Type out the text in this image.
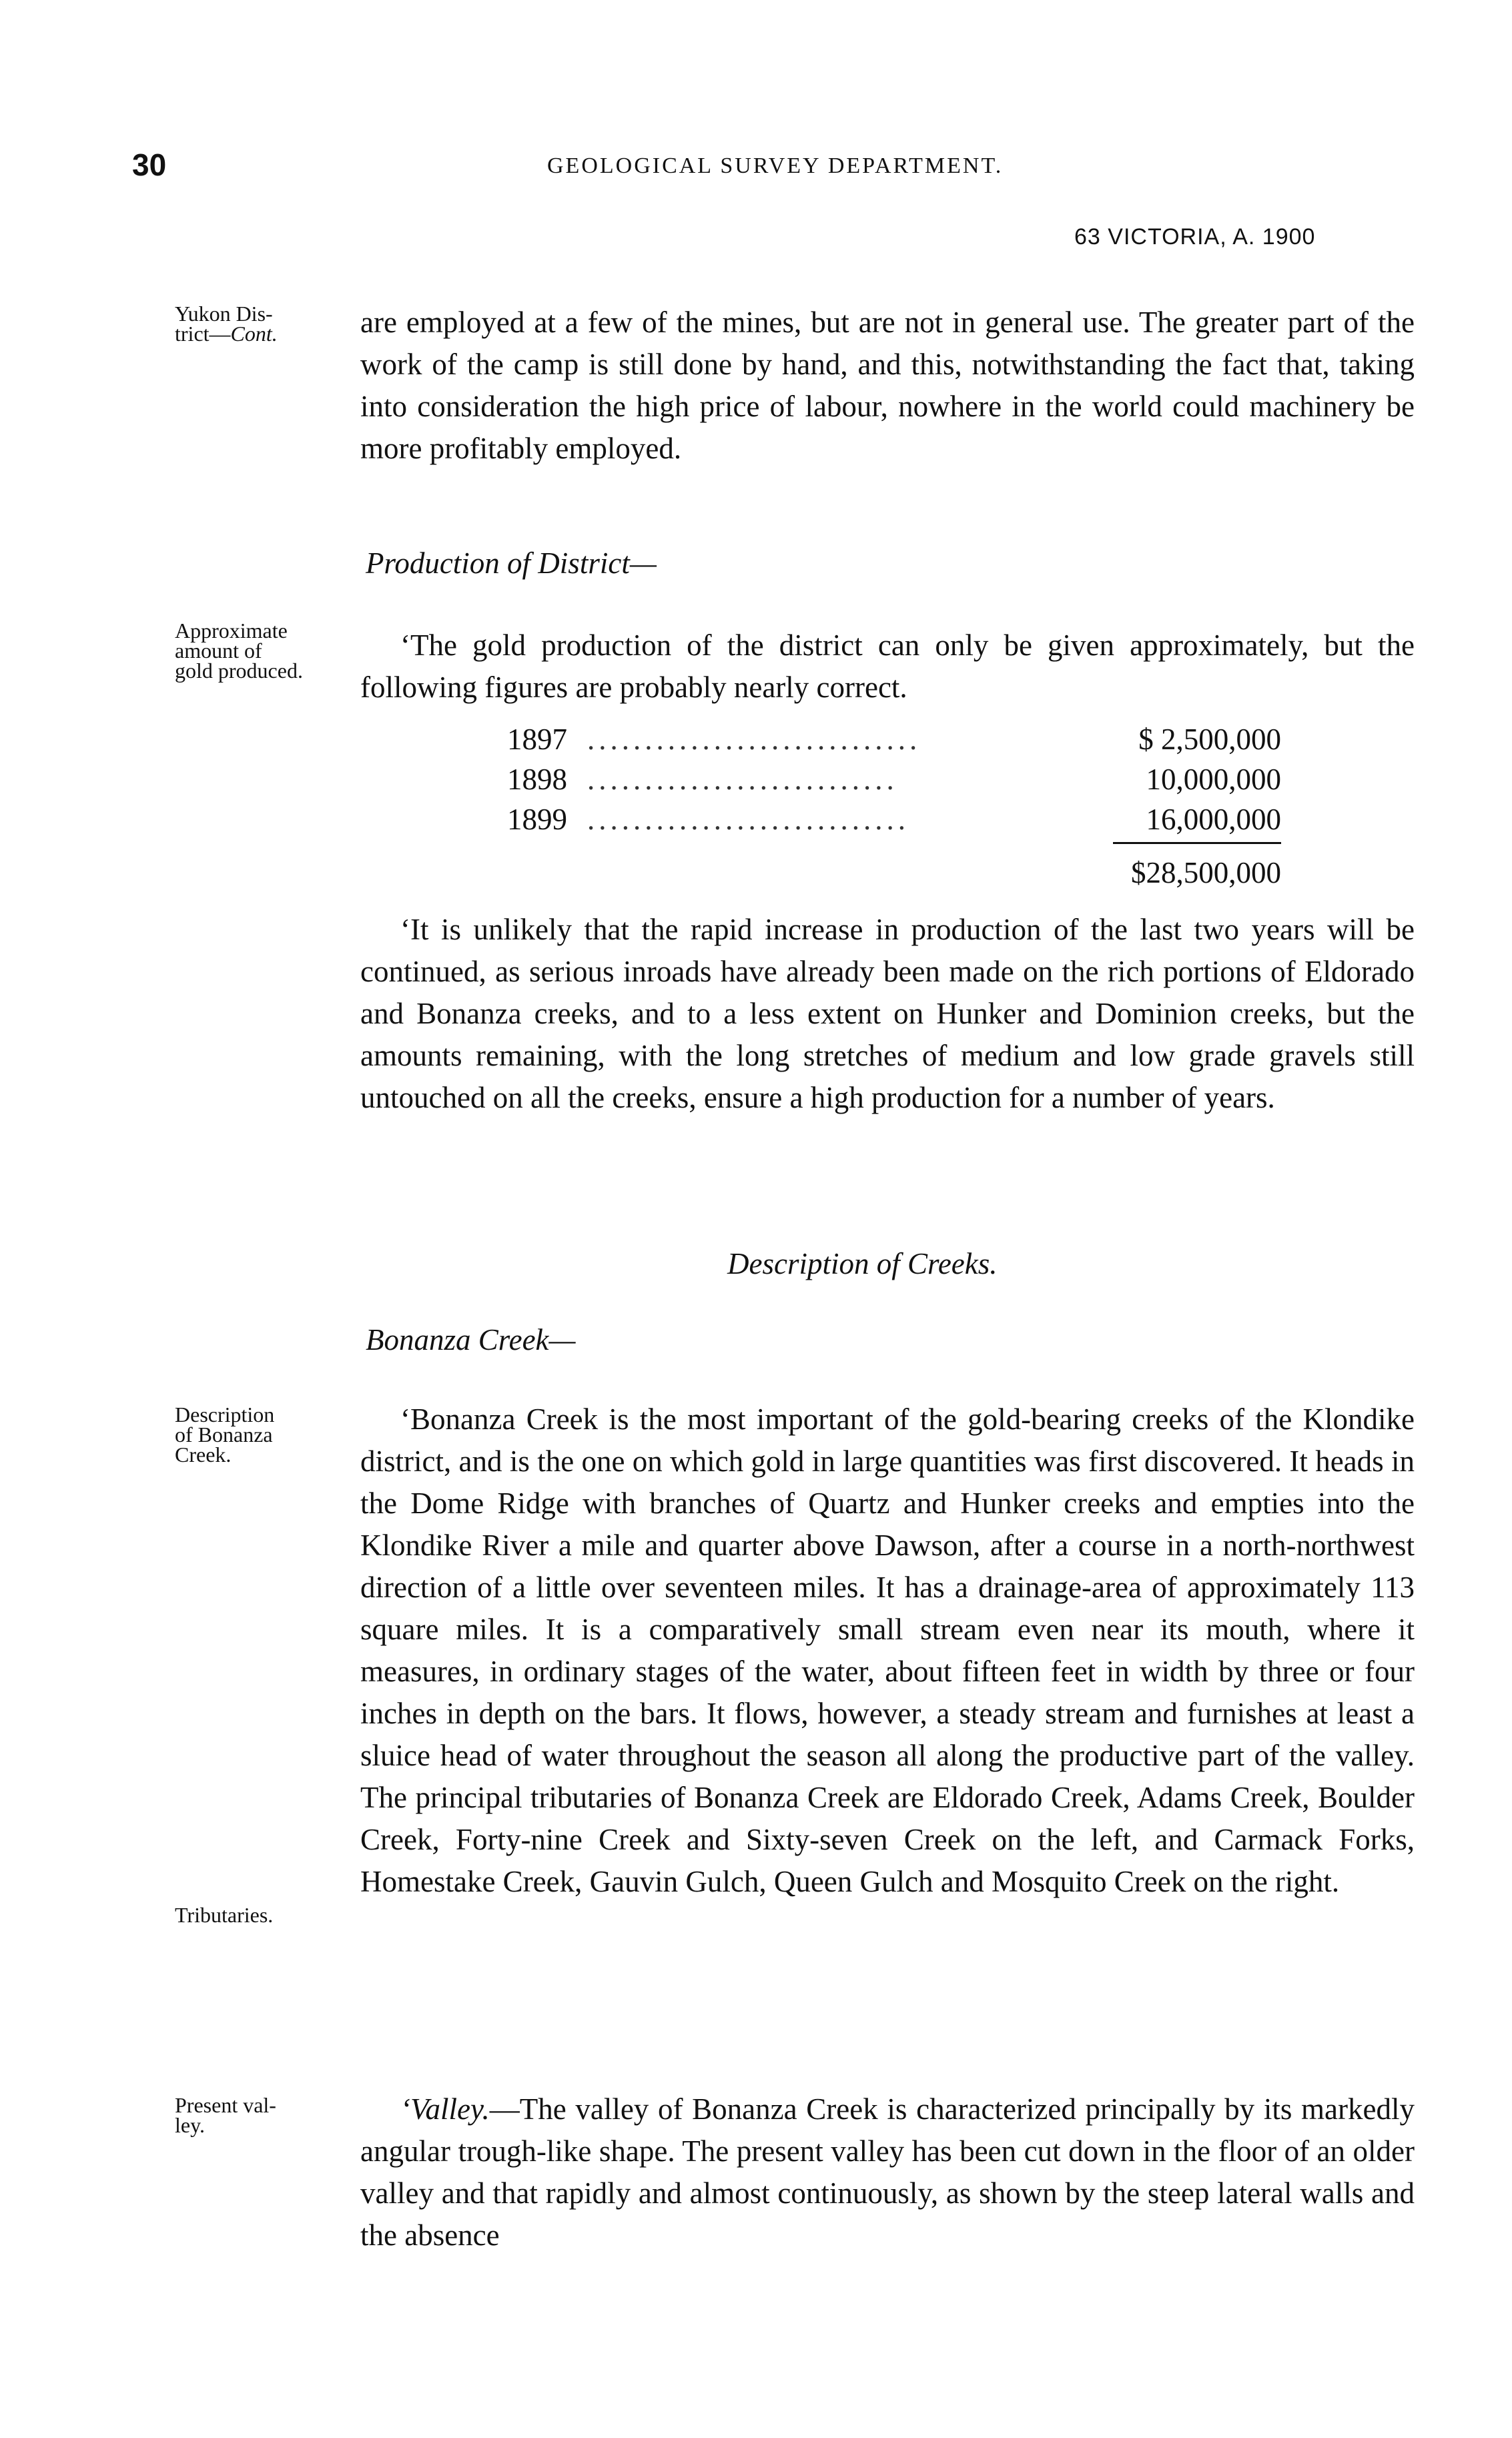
30	GEOLOGICAL SURVEY DEPARTMENT.
63 VICTORIA, A. 1900
Yukon Dis-
trict—Cont.
Approximate
amount of
gold produced.
Description
of Bonanza
Creek.
Tributaries.
Present val-
ley.
are employed at a few of the mines, but are not in general use. The greater part of the work of the camp is still done by hand, and this, notwithstanding the fact that, taking into consideration the high price of labour, nowhere in the world could machinery be more profitably employed.
Production of District—
‘The gold production of the district can only be given approximately, but the following figures are probably nearly correct.
1897 .............................	$ 2,500,000
1898 ...........................	10,000,000
1899 ............................	16,000,000
$28,500,000
‘It is unlikely that the rapid increase in production of the last two years will be continued, as serious inroads have already been made on the rich portions of Eldorado and Bonanza creeks, and to a less extent on Hunker and Dominion creeks, but the amounts remaining, with the long stretches of medium and low grade gravels still untouched on all the creeks, ensure a high production for a number of years.
Description of Creeks.
Bonanza Creek—
‘Bonanza Creek is the most important of the gold-bearing creeks of the Klondike district, and is the one on which gold in large quantities was first discovered. It heads in the Dome Ridge with branches of Quartz and Hunker creeks and empties into the Klondike River a mile and quarter above Dawson, after a course in a north-northwest direction of a little over seventeen miles. It has a drainage-area of approximately 113 square miles. It is a comparatively small stream even near its mouth, where it measures, in ordinary stages of the water, about fifteen feet in width by three or four inches in depth on the bars. It flows, however, a steady stream and furnishes at least a sluice head of water throughout the season all along the productive part of the valley. The principal tributaries of Bonanza Creek are Eldorado Creek, Adams Creek, Boulder Creek, Forty-nine Creek and Sixty-seven Creek on the left, and Carmack Forks, Homestake Creek, Gauvin Gulch, Queen Gulch and Mosquito Creek on the right.
‘Valley.—The valley of Bonanza Creek is characterized principally by its markedly angular trough-like shape. The present valley has been cut down in the floor of an older valley and that rapidly and almost continuously, as shown by the steep lateral walls and the absence
